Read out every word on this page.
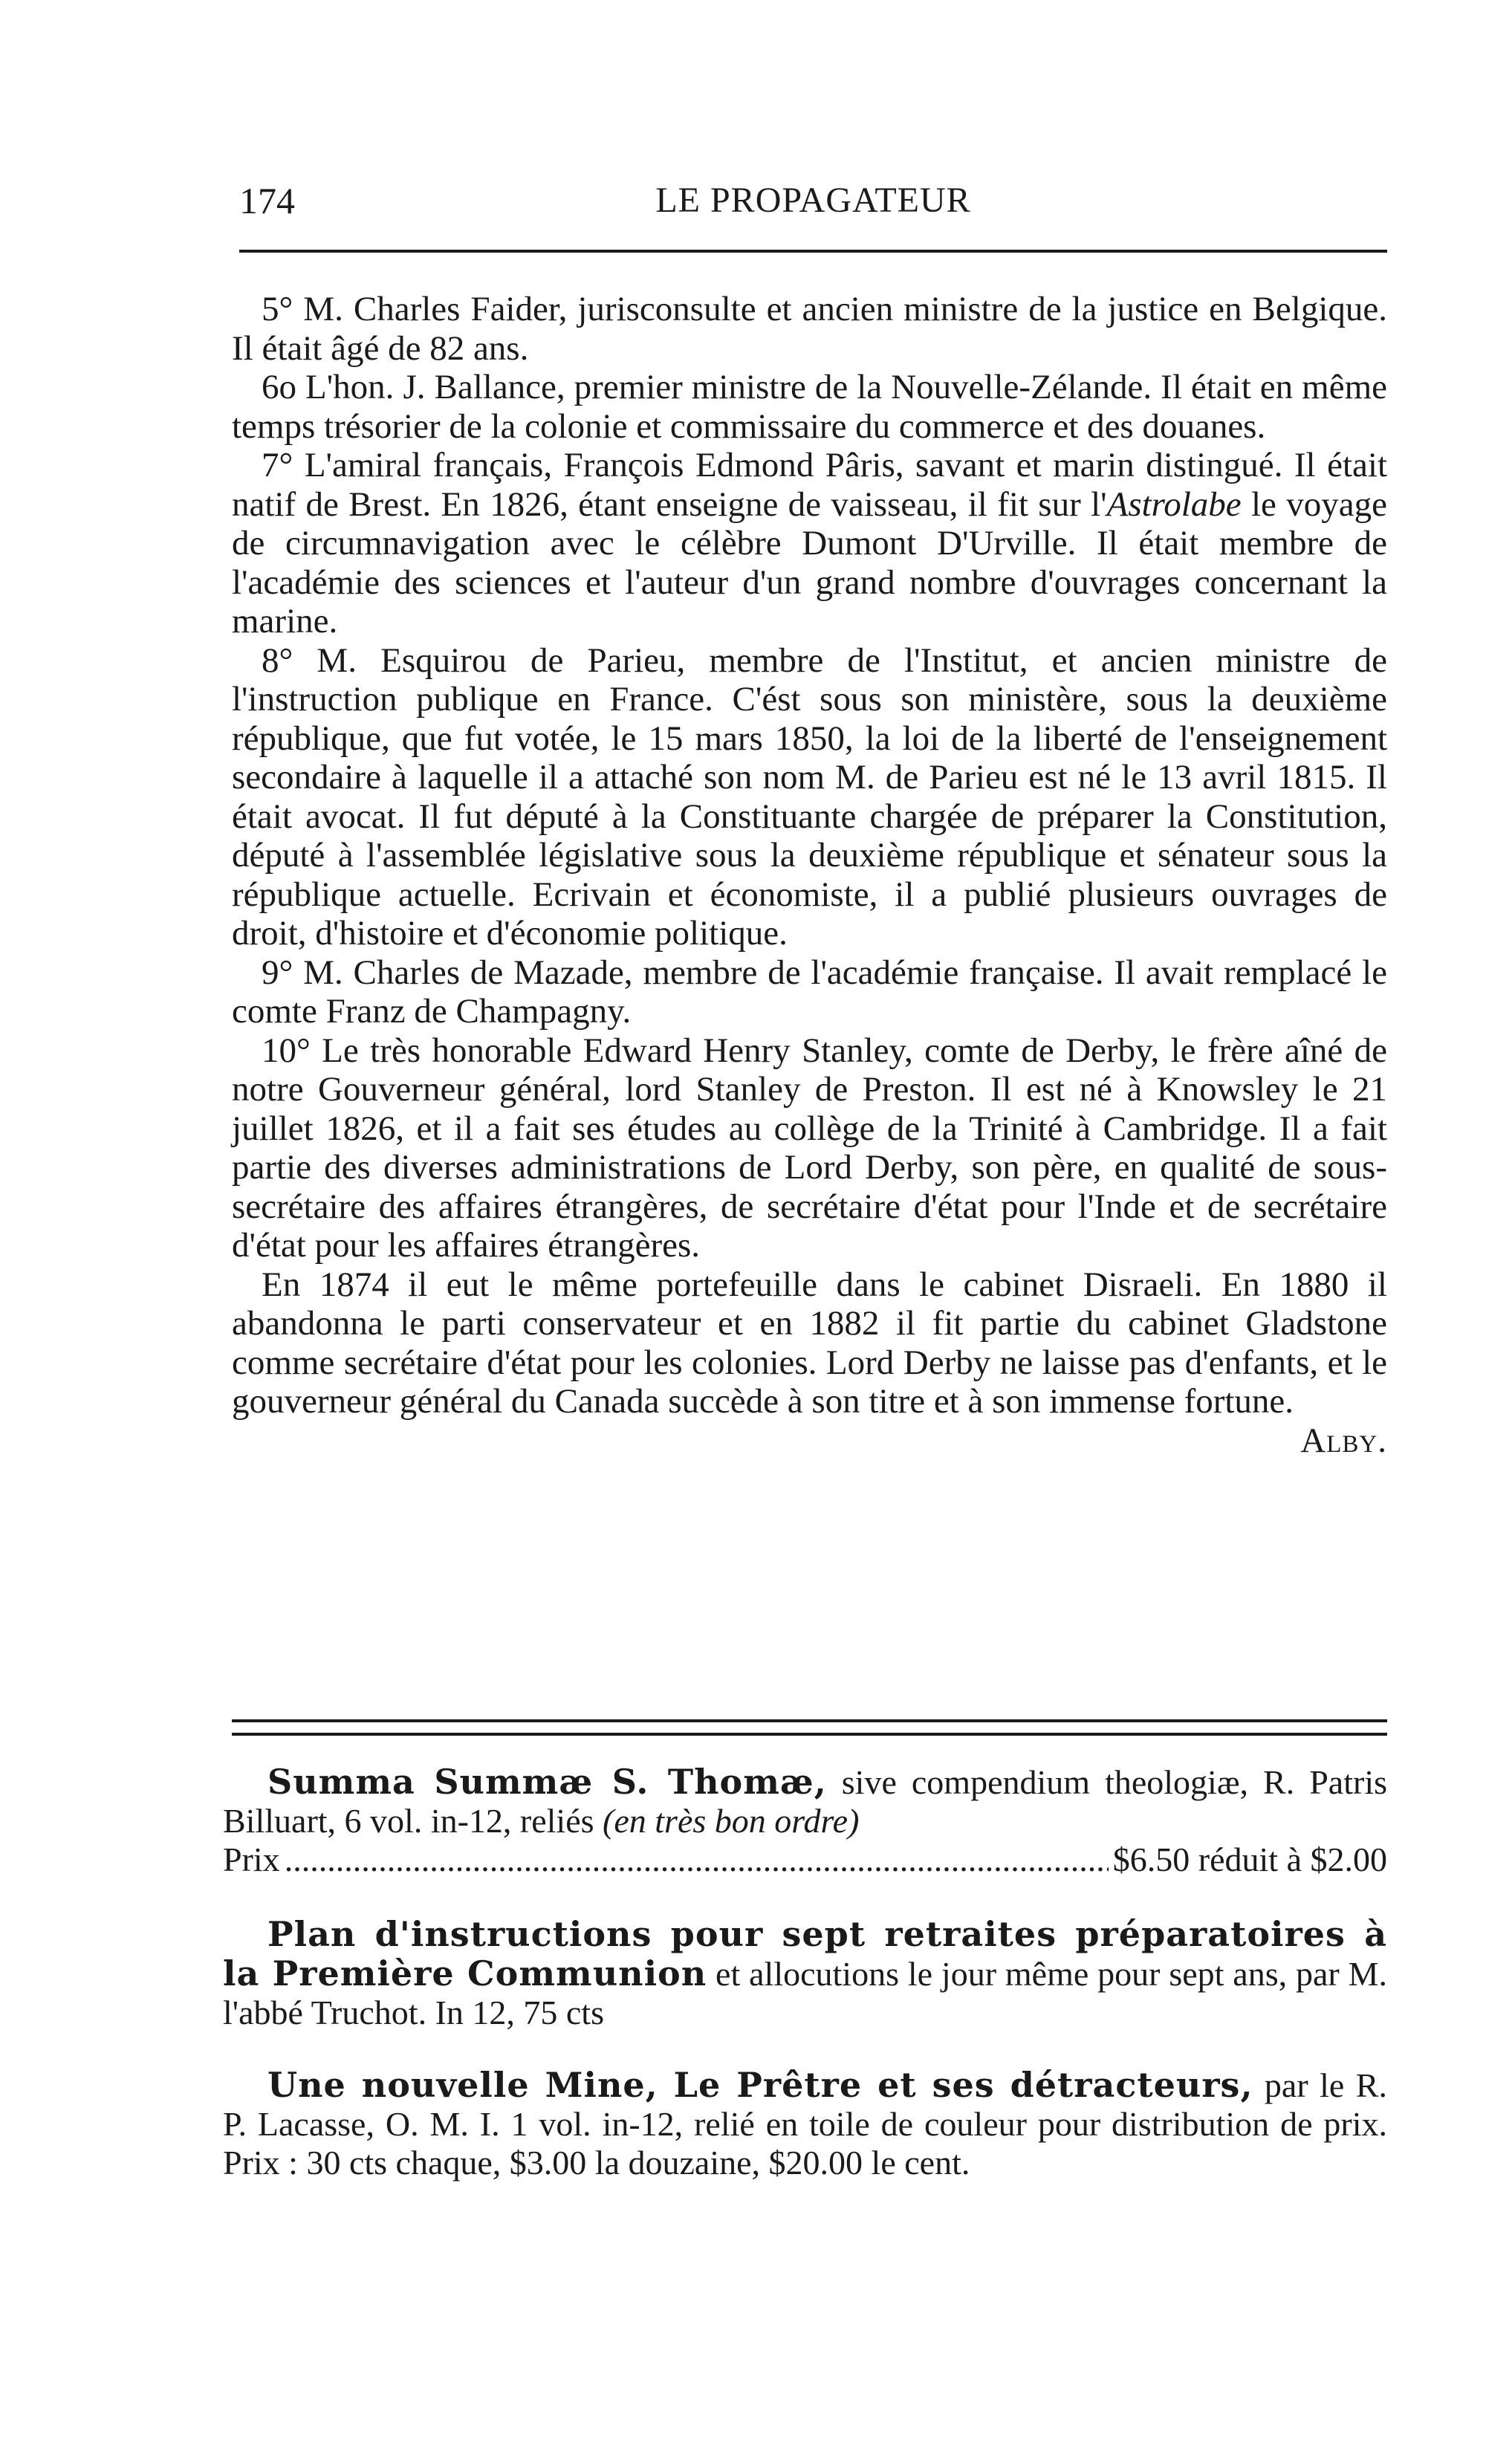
174	LE PROPAGATEUR

5° M. Charles Faider, jurisconsulte et ancien ministre de la justice en Belgique. Il était âgé de 82 ans.

6o L'hon. J. Ballance, premier ministre de la Nouvelle-Zélande. Il était en même temps trésorier de la colonie et commissaire du commerce et des douanes.

7° L'amiral français, François Edmond Pâris, savant et marin distingué. Il était natif de Brest. En 1826, étant enseigne de vaisseau, il fit sur l'Astrolabe le voyage de circumnavigation avec le célèbre Dumont D'Urville. Il était membre de l'académie des sciences et l'auteur d'un grand nombre d'ouvrages concernant la marine.

8° M. Esquirou de Parieu, membre de l'Institut, et ancien ministre de l'instruction publique en France. C'ést sous son ministère, sous la deuxième république, que fut votée, le 15 mars 1850, la loi de la liberté de l'enseignement secondaire à laquelle il a attaché son nom M. de Parieu est né le 13 avril 1815. Il était avocat. Il fut député à la Constituante chargée de préparer la Constitution, député à l'assemblée législative sous la deuxième république et sénateur sous la république actuelle. Ecrivain et économiste, il a publié plusieurs ouvrages de droit, d'histoire et d'économie politique.

9° M. Charles de Mazade, membre de l'académie française. Il avait remplacé le comte Franz de Champagny.

10° Le très honorable Edward Henry Stanley, comte de Derby, le frère aîné de notre Gouverneur général, lord Stanley de Preston. Il est né à Knowsley le 21 juillet 1826, et il a fait ses études au collège de la Trinité à Cambridge. Il a fait partie des diverses administrations de Lord Derby, son père, en qualité de sous-secrétaire des affaires étrangères, de secrétaire d'état pour l'Inde et de secrétaire d'état pour les affaires étrangères.

En 1874 il eut le même portefeuille dans le cabinet Disraeli. En 1880 il abandonna le parti conservateur et en 1882 il fit partie du cabinet Gladstone comme secrétaire d'état pour les colonies. Lord Derby ne laisse pas d'enfants, et le gouverneur général du Canada succède à son titre et à son immense fortune.
Alby.

Summa Summæ S. Thomæ, sive compendium theologiæ, R. Patris Billuart, 6 vol. in-12, reliés (en très bon ordre)

Prix
.....	$6.50 réduit à $2.00

Plan d'instructions pour sept retraites préparatoires à la Première Communion et allocutions le jour même pour sept ans, par M. l'abbé Truchot. In 12, 75 cts

Une nouvelle Mine, Le Prêtre et ses détracteurs, par le R. P. Lacasse, O. M. I. 1 vol. in-12, relié en toile de couleur pour distribution de prix. Prix : 30 cts chaque, $3.00 la douzaine, $20.00 le cent.
